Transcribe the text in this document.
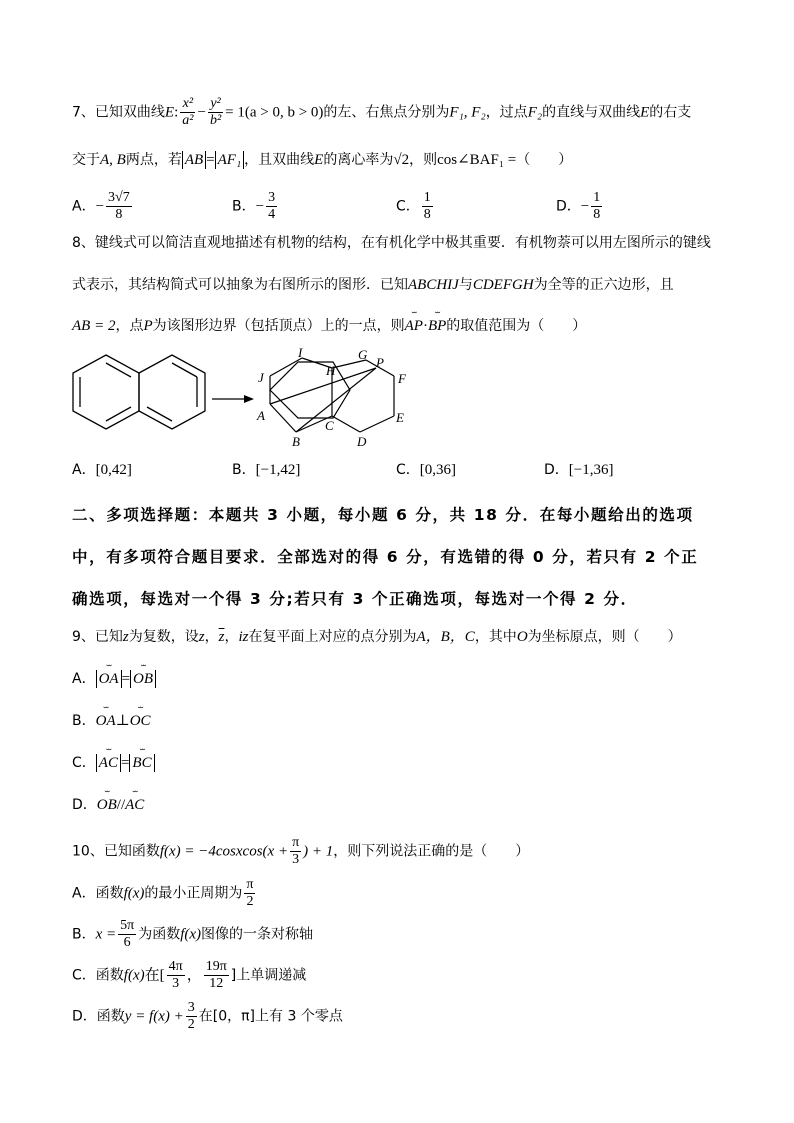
7、已知双曲线E: $\frac{\text{x²}}{\text{a²}} - \frac{\text{y²}}{\text{b²}} = 1(a > 0$, b > 0)的左、右焦点分别为F₁, F₂，过点F₂的直线与双曲线E的右支
交于A, B两点，若 AB = AF₁ ，且双曲线E的离心率为√2，则cos∠BAF₁ =（　　）
A．− $\frac{3√7}{8}$	B．− $\frac{3}{4}$	C． $\frac{1}{8}$	D．− $\frac{1}{8}$
8、键线式可以简洁直观地描述有机物的结构，在有机化学中极其重要．有机物萘可以用左图所示的键线
式表示，其结构简式可以抽象为右图所示的图形．已知ABCHIJ与CDEFGH为全等的正六边形，且
AB = 2，点P为该图形边界（包括顶点）上的一点，则˘˘ AP·˘˘ BP的取值范围为（　　）
I
H
G
P
J	F
A
C
E
B	D
A．[0,42]	B．[−1,42]	C．[0,36]	D．[−1,36]
二、多项选择题：本题共 3 小题，每小题 6 分，共 18 分．在每小题给出的选项
中，有多项符合题目要求．全部选对的得 6 分，有选错的得 0 分，若只有 2 个正
确选项，每选对一个得 3 分;若只有 3 个正确选项，每选对一个得 2 分．
9、已知z为复数，设z，$\overline{z}$，iz在复平面上对应的点分别为A，B，C，其中O为坐标原点，则（　　）
A． ˘˘ OA = ˘˘ OB
B．˘˘ OA⊥˘˘ OC
C． ˘˘ AC = ˘˘ BC
D．˘˘ OB//˘˘ AC
10、已知函数f(x) = −4cosxcos(x + $\frac{\pi}{3}$ ) + 1，则下列说法正确的是（　　）
A．函数f(x)的最小正周期为 $\frac{\pi}{2}$
B．$x = \frac{5\pi}{6}$ 为函数f(x)图像的一条对称轴
C．函数f(x)在[ $\frac{4\pi}{3}$ ， $\frac{19\pi}{12}$ ]上单调递减
D．函数$y = f(x) + \frac{3}{2}$ 在[0，π]上有 3 个零点
